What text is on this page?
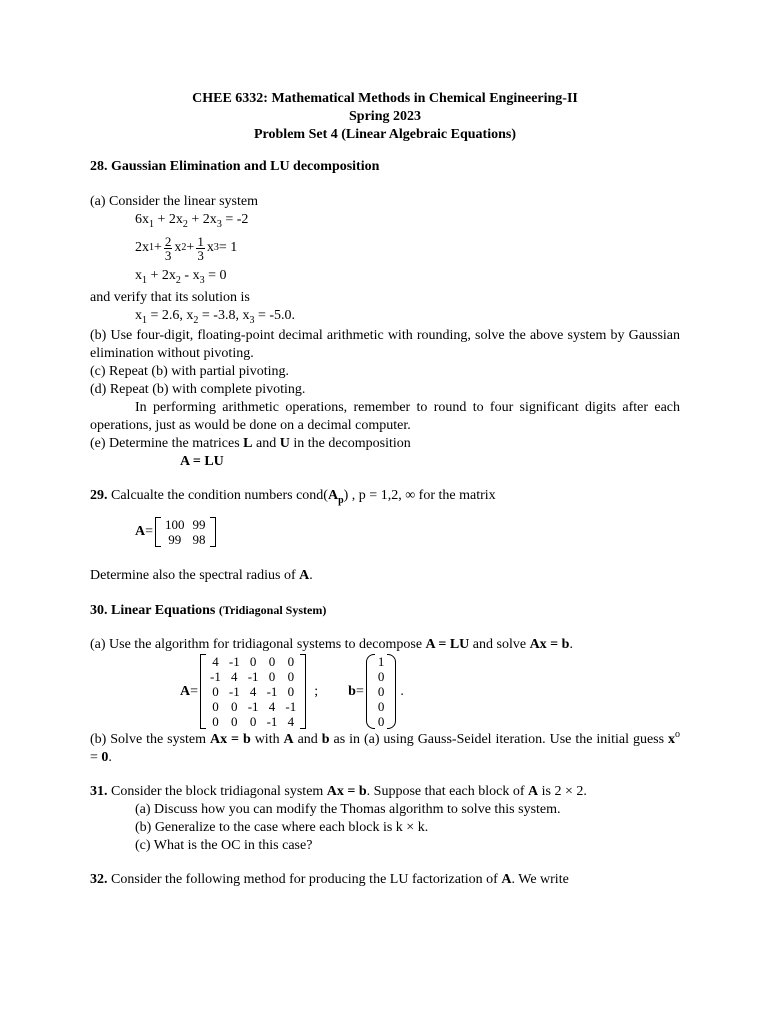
CHEE 6332: Mathematical Methods in Chemical Engineering-II
Spring 2023
Problem Set 4 (Linear Algebraic Equations)
28. Gaussian Elimination and LU decomposition
(a) Consider the linear system
$6x_1 + 2x_2 + 2x_3 = -2$
2x $1 + \frac{2}{3}$ x $2 + \frac{1}{3}$ x 3 = 1
$x_1 + 2x_2 - x_3 = 0$
and verify that its solution is
$x_1 = 2.6$, $x_2 = -3.8$, $x_3 = -5.0$.
(b) Use four-digit, floating-point decimal arithmetic with rounding, solve the above system by Gaussian elimination without pivoting.
(c) Repeat (b) with partial pivoting.
(d) Repeat (b) with complete pivoting.
In performing arithmetic operations, remember to round to four significant digits after each operations, just as would be done on a decimal computer.
(e) Determine the matrices L and U in the decomposition
A = LU
29. Calcualte the condition numbers $cond(A_p)$ , p = 1,2, ∞ for the matrix
A = 100	99
99	98
Determine also the spectral radius of A.
30. Linear Equations (Tridiagonal System)
(a) Use the algorithm for tridiagonal systems to decompose A = LU and solve Ax = b.
A =
4	-1	0	0	0
-1	4	-1	0	0
0	-1	4	-1	0
0	0	-1	4	-1
0	0	0	-1	4
; b =
1
0
0
0
0
.
(b) Solve the system Ax = b with A and b as in (a) using Gauss-Seidel iteration. Use the initial guess $x^o = 0$.
31. Consider the block tridiagonal system Ax = b. Suppose that each block of A is 2 × 2.
(a) Discuss how you can modify the Thomas algorithm to solve this system.
(b) Generalize to the case where each block is k × k.
(c) What is the OC in this case?
32. Consider the following method for producing the LU factorization of A. We write
